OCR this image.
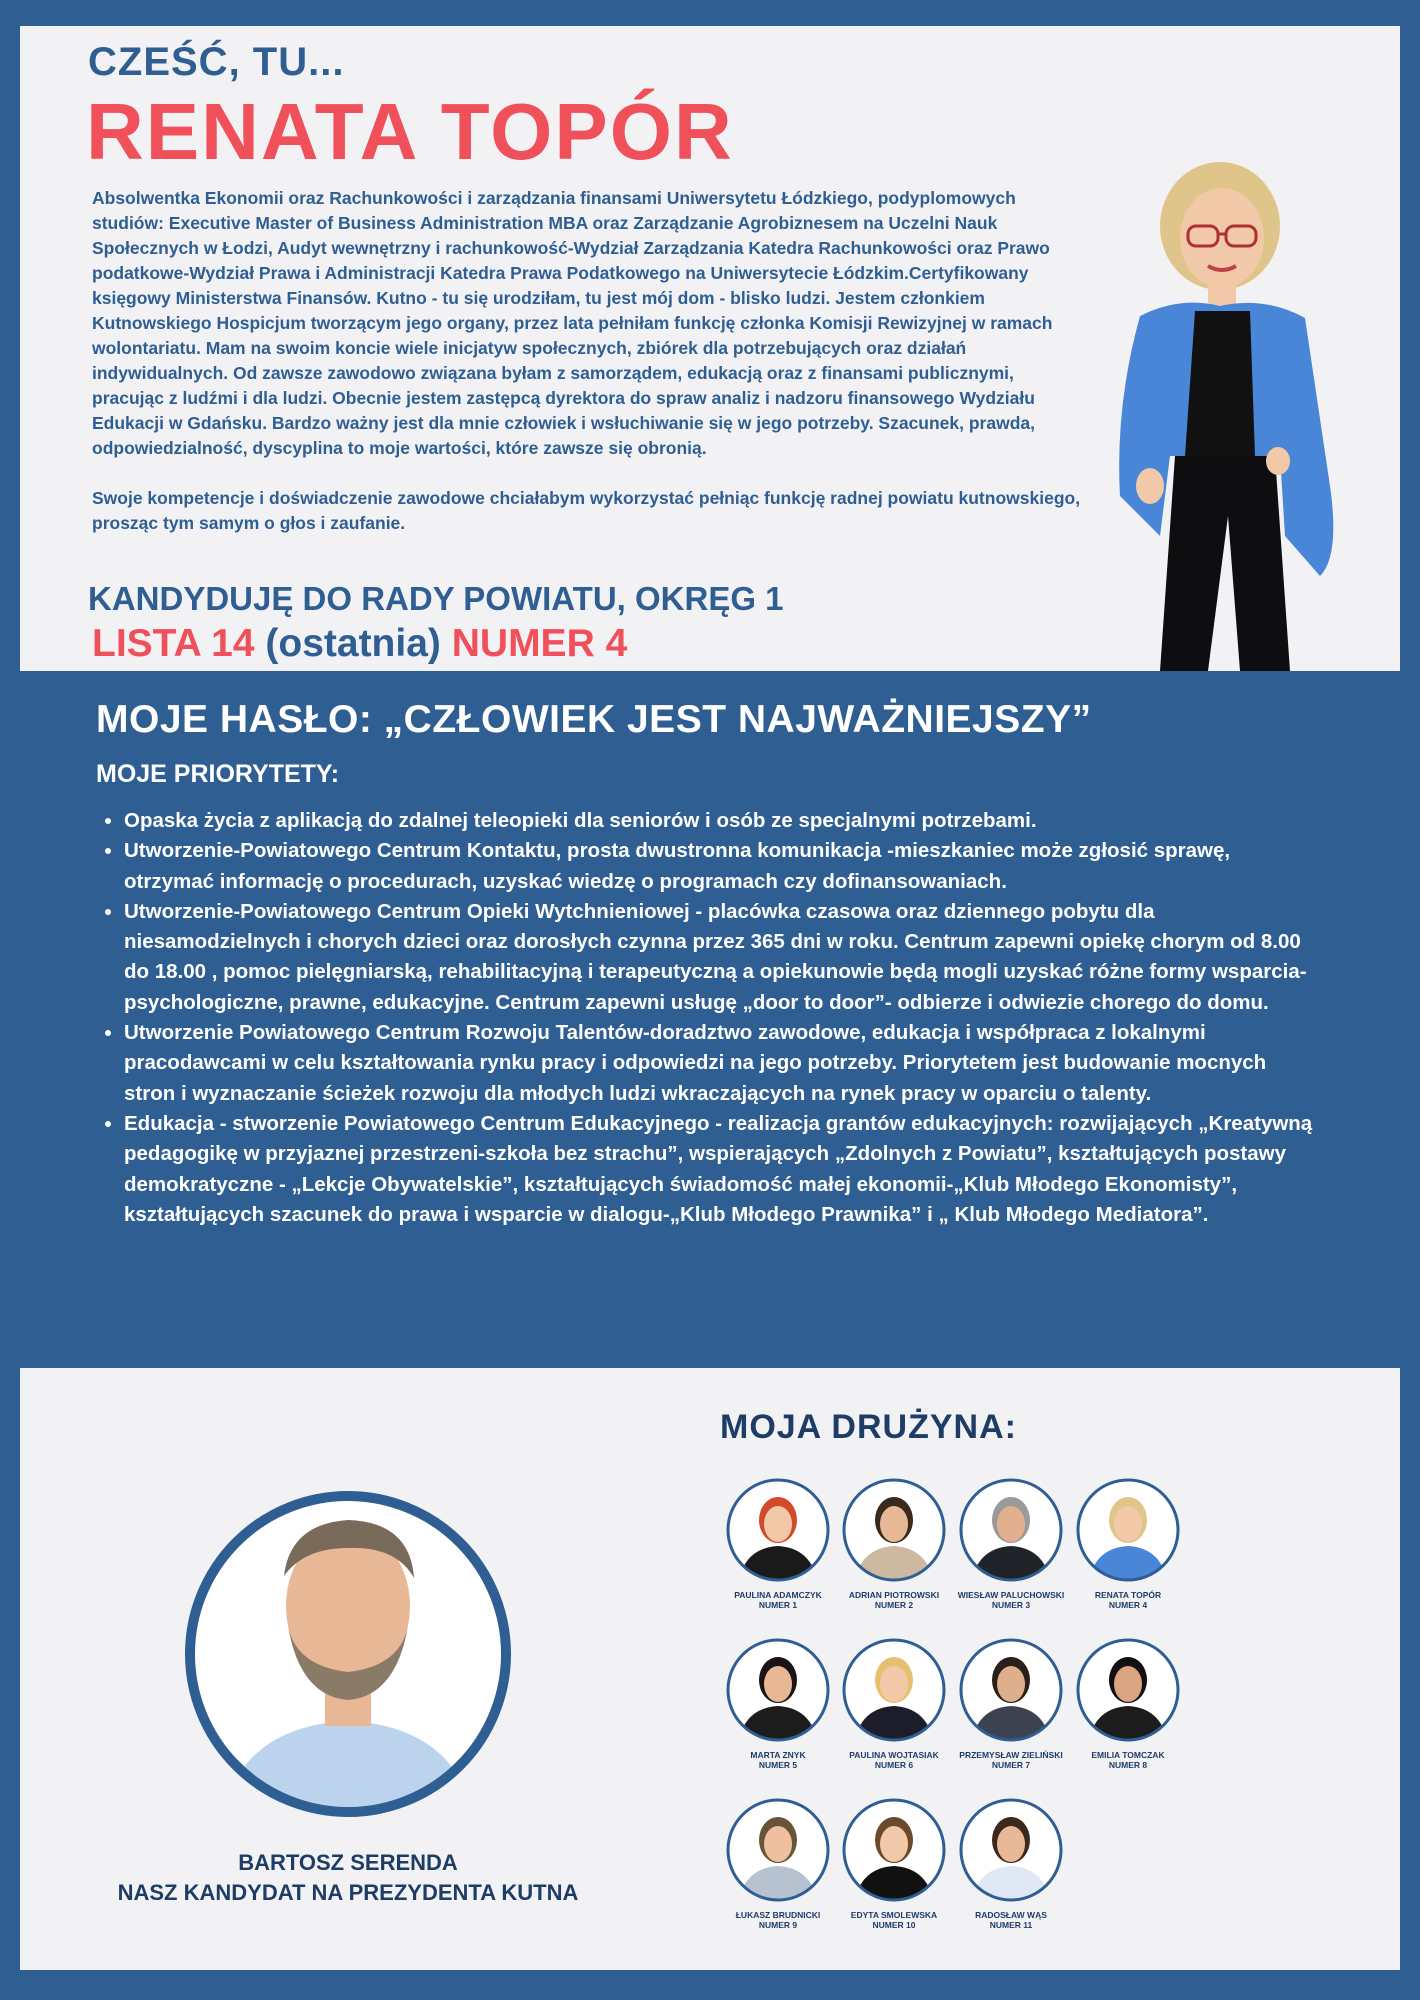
CZEŚĆ, TU...
RENATA TOPÓR

Absolwentka Ekonomii oraz Rachunkowości i zarządzania finansami Uniwersytetu Łódzkiego, podyplomowych studiów: Executive Master of Business Administration MBA oraz Zarządzanie Agrobiznesem na Uczelni Nauk Społecznych w Łodzi, Audyt wewnętrzny i rachunkowość-Wydział Zarządzania Katedra Rachunkowości oraz Prawo podatkowe-Wydział Prawa i Administracji Katedra Prawa Podatkowego na Uniwersytecie Łódzkim.Certyfikowany księgowy Ministerstwa Finansów. Kutno - tu się urodziłam, tu jest mój dom - blisko ludzi. Jestem członkiem Kutnowskiego Hospicjum tworzącym jego organy, przez lata pełniłam funkcję członka Komisji Rewizyjnej w ramach wolontariatu. Mam na swoim koncie wiele inicjatyw społecznych, zbiórek dla potrzebujących oraz działań indywidualnych. Od zawsze zawodowo związana byłam z samorządem, edukacją oraz z finansami publicznymi, pracując z ludźmi i dla ludzi. Obecnie jestem zastępcą dyrektora do spraw analiz i nadzoru finansowego Wydziału Edukacji w Gdańsku. Bardzo ważny jest dla mnie człowiek i wsłuchiwanie się w jego potrzeby. Szacunek, prawda, odpowiedzialność, dyscyplina to moje wartości, które zawsze się obronią.

Swoje kompetencje i doświadczenie zawodowe chciałabym wykorzystać pełniąc funkcję radnej powiatu kutnowskiego, prosząc tym samym o głos i zaufanie.

KANDYDUJĘ DO RADY POWIATU, OKRĘG 1
LISTA 14 (ostatnia) NUMER 4
MOJE HASŁO: „CZŁOWIEK JEST NAJWAŻNIEJSZY”
MOJE PRIORYTETY:
• Opaska życia z aplikacją do zdalnej teleopieki dla seniorów i osób ze specjalnymi potrzebami.
• Utworzenie-Powiatowego Centrum Kontaktu, prosta dwustronna komunikacja -mieszkaniec może zgłosić sprawę, otrzymać informację o procedurach, uzyskać wiedzę o programach czy dofinansowaniach.
• Utworzenie-Powiatowego Centrum Opieki Wytchnieniowej - placówka czasowa oraz dziennego pobytu dla niesamodzielnych i chorych dzieci oraz dorosłych czynna przez 365 dni w roku. Centrum zapewni opiekę chorym od 8.00 do 18.00 , pomoc pielęgniarską, rehabilitacyjną i terapeutyczną a opiekunowie będą mogli uzyskać różne formy wsparcia-psychologiczne, prawne, edukacyjne. Centrum zapewni usługę „door to door”- odbierze i odwiezie chorego do domu.
• Utworzenie Powiatowego Centrum Rozwoju Talentów-doradztwo zawodowe, edukacja i współpraca z lokalnymi pracodawcami w celu kształtowania rynku pracy i odpowiedzi na jego potrzeby. Priorytetem jest budowanie mocnych stron i wyznaczanie ścieżek rozwoju dla młodych ludzi wkraczających na rynek pracy w oparciu o talenty.
• Edukacja - stworzenie Powiatowego Centrum Edukacyjnego - realizacja grantów edukacyjnych: rozwijających „Kreatywną pedagogikę w przyjaznej przestrzeni-szkoła bez strachu”, wspierających „Zdolnych z Powiatu”, kształtujących postawy demokratyczne - „Lekcje Obywatelskie”, kształtujących świadomość małej ekonomii-„Klub Młodego Ekonomisty”, kształtujących szacunek do prawa i wsparcie w dialogu-„Klub Młodego Prawnika” i „ Klub Młodego Mediatora”.
BARTOSZ SERENDA
NASZ KANDYDAT NA PREZYDENTA KUTNA
MOJA DRUŻYNA:
PAULINA ADAMCZYK
NUMER 1
ADRIAN PIOTROWSKI
NUMER 2
WIESŁAW PALUCHOWSKI
NUMER 3
RENATA TOPÓR
NUMER 4
MARTA ZNYK
NUMER 5
PAULINA WOJTASIAK
NUMER 6
PRZEMYSŁAW ZIELIŃSKI
NUMER 7
EMILIA TOMCZAK
NUMER 8
ŁUKASZ BRUDNICKI
NUMER 9
EDYTA SMOLEWSKA
NUMER 10
RADOSŁAW WĄS
NUMER 11
